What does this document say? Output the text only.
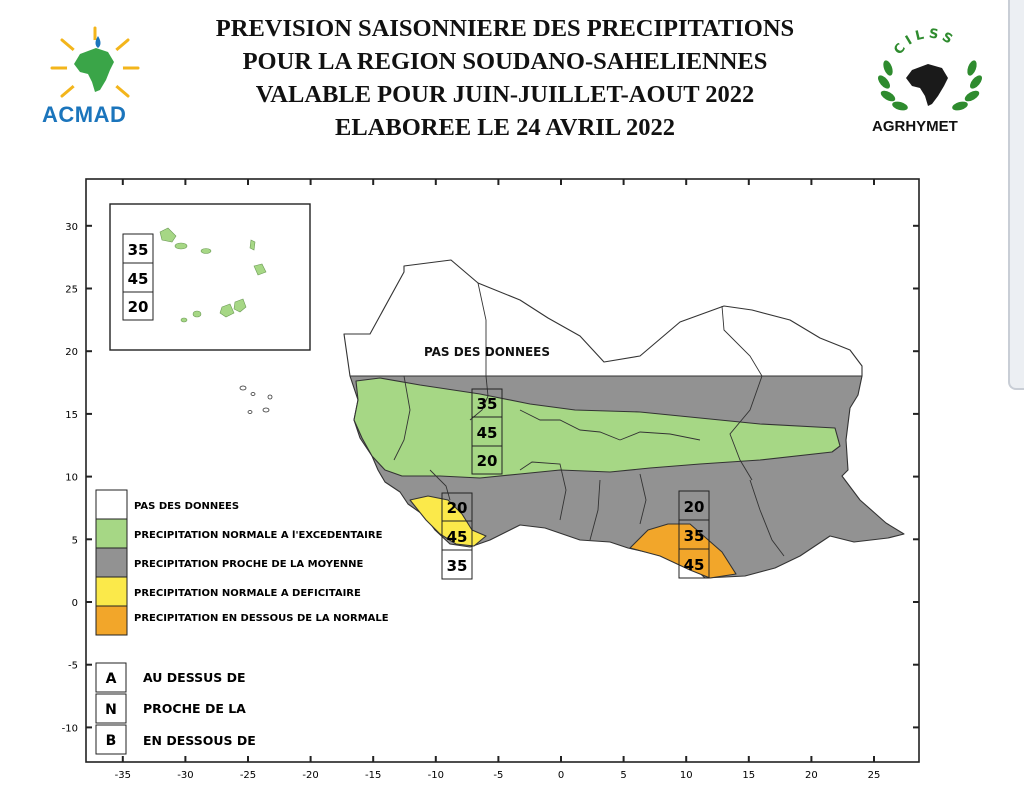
PREVISION SAISONNIERE DES PRECIPITATIONS
POUR LA REGION SOUDANO-SAHELIENNES
VALABLE POUR JUIN-JUILLET-AOUT 2022
ELABOREE LE 24 AVRIL 2022
ACMAD
CILSS
AGRHYMET
-35	-30	-25	-20	-15	-10	-5	0	5	10	15	20	25
30
25
20
15
10
5
0
-5
-10
PAS DES DONNEES
35
45
20
35
45
20
20
45
35
20
35
45
PAS DES DONNEES
PRECIPITATION NORMALE A l'EXCEDENTAIRE
PRECIPITATION PROCHE DE LA MOYENNE
PRECIPITATION NORMALE A DEFICITAIRE
PRECIPITATION EN DESSOUS DE LA NORMALE
A
N
B
AU DESSUS DE
PROCHE DE LA
EN DESSOUS DE
